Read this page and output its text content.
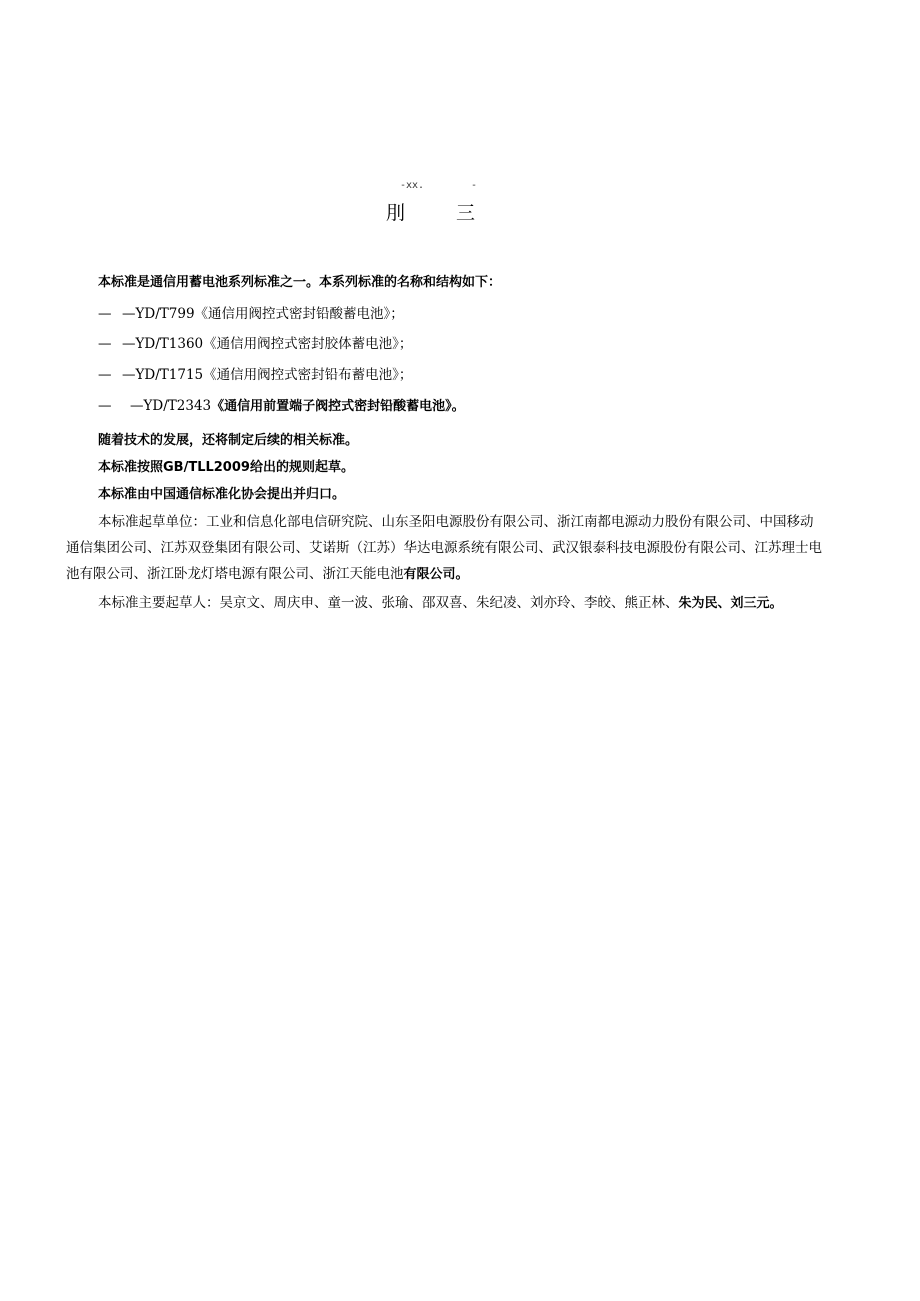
-xx.	-
刖	三
本标准是通信用蓄电池系列标准之一。本系列标准的名称和结构如下：
— —YD/T799《通信用阀控式密封铅酸蓄电池》；
— —YD/T1360《通信用阀控式密封胶体蓄电池》；
— —YD/T1715《通信用阀控式密封铅布蓄电池》；
— —YD/T2343《通信用前置端子阀控式密封铅酸蓄电池》。
随着技术的发展，还将制定后续的相关标准。
本标准按照GB/TLL2009给出的规则起草。
本标准由中国通信标准化协会提出并归口。
本标准起草单位：工业和信息化部电信研究院、山东圣阳电源股份有限公司、浙江南都电源动力股份有限公司、中国移动通信集团公司、江苏双登集团有限公司、艾诺斯（江苏）华达电源系统有限公司、武汉银泰科技电源股份有限公司、江苏理士电池有限公司、浙江卧龙灯塔电源有限公司、浙江天能电池有限公司。
本标准主要起草人：吴京文、周庆申、童一波、张瑜、邵双喜、朱纪凌、刘亦玲、李皎、熊正林、朱为民、刘三元。
